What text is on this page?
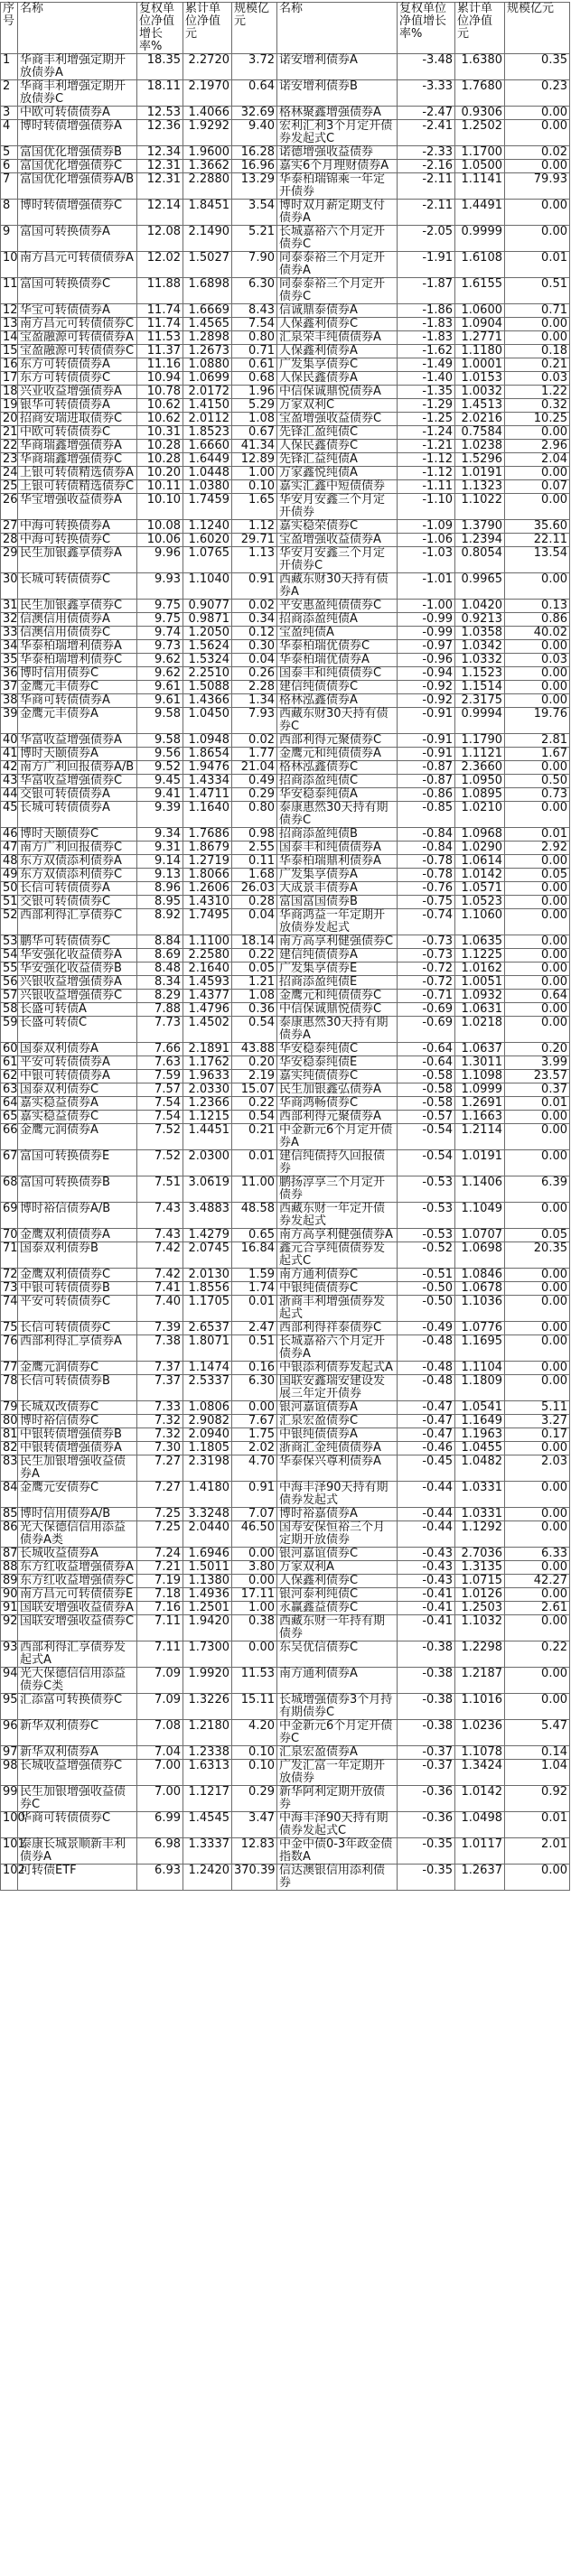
序号	名称	复权单位净值增长率%	累计单位净值元	规模亿元	名称	复权单位净值增长率%	累计单位净值元	规模亿元
1	华商丰利增强定期开放债券A	18.35	2.2720	3.72	诺安增利债券A	-3.48	1.6380	0.35
2	华商丰利增强定期开放债券C	18.11	2.1970	0.64	诺安增利债券B	-3.33	1.7680	0.23
3	中欧可转债债券A	12.53	1.4066	32.69	格林聚鑫增强债券A	-2.47	0.9306	0.00
4	博时转债增强债券A	12.36	1.9292	9.40	宏利汇利3个月定开债券发起式C	-2.41	1.2502	0.00
5	富国优化增强债券B	12.34	1.9600	16.28	诺德增强收益债券	-2.33	1.1700	0.02
6	富国优化增强债券C	12.31	1.3662	16.96	嘉实6个月理财债券A	-2.16	1.0500	0.00
7	富国优化增强债券A/B	12.31	2.2880	13.29	华泰柏瑞锦乘一年定开债券	-2.11	1.1141	79.93
8	博时转债增强债券C	12.14	1.8451	3.54	博时双月薪定期支付债券A	-2.11	1.4491	0.00
9	富国可转换债券A	12.08	2.1490	5.21	长城嘉裕六个月定开债券C	-2.05	0.9999	0.00
10	南方昌元可转债债券A	12.02	1.5027	7.90	同泰泰裕三个月定开债券A	-1.91	1.6108	0.01
11	富国可转换债券C	11.88	1.6898	6.30	同泰泰裕三个月定开债券C	-1.87	1.6155	0.51
12	华宝可转债债券A	11.74	1.6669	8.43	信诚鼎泰债券A	-1.86	1.0600	0.71
13	南方昌元可转债债券C	11.74	1.4565	7.54	人保鑫利债券C	-1.83	1.0904	0.00
14	宝盈融源可转债债券A	11.53	1.2898	0.80	汇泉荣丰纯债债券A	-1.83	1.2771	0.00
15	宝盈融源可转债债券C	11.37	1.2673	0.71	人保鑫利债券A	-1.62	1.1180	0.18
16	东方可转债债券A	11.16	1.0880	0.61	广发集享债券C	-1.49	1.0001	0.21
17	东方可转债债券C	10.94	1.0699	0.68	人保民鑫债券A	-1.40	1.0153	0.03
18	兴业收益增强债券A	10.78	2.0172	1.96	中信保诚鼎悦债券A	-1.35	1.0032	1.22
19	银华可转债债券A	10.62	1.4150	5.29	万家双利C	-1.29	1.4513	0.32
20	招商安瑞进取债券C	10.62	2.0112	1.08	宝盈增强收益债券C	-1.25	2.0216	10.25
21	中欧可转债债券C	10.31	1.8523	0.67	先锋汇盈纯债C	-1.24	0.7584	0.00
22	华商瑞鑫增强债券A	10.28	1.6660	41.34	人保民鑫债券C	-1.21	1.0238	2.96
23	华商瑞鑫增强债券C	10.28	1.6449	12.89	先锋汇益纯债A	-1.12	1.5296	2.04
24	上银可转债精选债券A	10.20	1.0448	1.00	万家鑫悦纯债A	-1.12	1.0191	0.00
25	上银可转债精选债券C	10.11	1.0380	0.10	嘉实汇鑫中短债债券	-1.11	1.1323	0.07
26	华宝增强收益债券A	10.10	1.7459	1.65	华安月安鑫三个月定开债券	-1.10	1.1022	0.00
27	中海可转换债券A	10.08	1.1240	1.12	嘉实稳荣债券C	-1.09	1.3790	35.60
28	中海可转换债券C	10.06	1.6020	29.71	宝盈增强收益债券A	-1.06	1.2394	22.11
29	民生加银鑫享债券A	9.96	1.0765	1.13	华安月安鑫三个月定开债券C	-1.03	0.8054	13.54
30	长城可转债债券C	9.93	1.1040	0.91	西藏东财30天持有债券A	-1.01	0.9965	0.00
31	民生加银鑫享债券C	9.75	0.9077	0.02	平安惠盈纯债债券C	-1.00	1.0420	0.13
32	信澳信用债债券A	9.75	0.9871	0.34	招商添盈纯债A	-0.99	0.9213	0.86
33	信澳信用债债券C	9.74	1.2050	0.12	宝盈纯债A	-0.99	1.0358	40.02
34	华泰柏瑞增利债券A	9.73	1.5624	0.30	华泰柏瑞优债券C	-0.97	1.0342	0.00
35	华泰柏瑞增利债券C	9.62	1.5324	0.04	华泰柏瑞优债券A	-0.96	1.0332	0.03
36	博时信用债券C	9.62	2.2510	0.26	国泰丰和纯债债券C	-0.94	1.1523	0.00
37	金鹰元丰债券C	9.61	1.5088	2.28	建信纯债债券C	-0.92	1.1514	0.00
38	华商可转债债券A	9.61	1.4366	1.34	格林泓鑫债券A	-0.92	2.3175	0.00
39	金鹰元丰债券A	9.58	1.0450	7.93	西藏东财30天持有债券C	-0.91	0.9994	19.76
40	华富收益增强债券A	9.58	1.0948	0.02	西部利得元聚债券C	-0.91	1.1790	2.81
41	博时天颐债券A	9.56	1.8654	1.77	金鹰元和纯债债券A	-0.91	1.1121	1.67
42	南方广利回报债券A/B	9.52	1.9476	21.04	格林泓鑫债券C	-0.87	2.3660	0.00
43	华富收益增强债券C	9.45	1.4334	0.49	招商添盈纯债C	-0.87	1.0950	0.50
44	交银可转债债券A	9.41	1.4711	0.29	华安稳泰纯债A	-0.86	1.0895	0.73
45	长城可转债债券A	9.39	1.1640	0.80	泰康惠然30天持有期债券C	-0.85	1.0210	0.00
46	博时天颐债券C	9.34	1.7686	0.98	招商添盈纯债B	-0.84	1.0968	0.01
47	南方广利回报债券C	9.31	1.8679	2.55	国泰丰和纯债债券A	-0.84	1.0290	2.92
48	东方双债添利债券A	9.14	1.2719	0.11	华泰柏瑞鼎利债券A	-0.78	1.0614	0.00
49	东方双债添利债券C	9.13	1.8066	1.68	广发集享债券A	-0.78	1.0142	0.05
50	长信可转债债券A	8.96	1.2606	26.03	大成景丰债券A	-0.76	1.0571	0.00
51	交银可转债债券C	8.95	1.4310	0.28	富国富国债券B	-0.75	1.0523	0.00
52	西部利得汇享债券C	8.92	1.7495	0.04	华商鸿益一年定期开放债券发起式	-0.74	1.1060	0.00
53	鹏华可转债债券C	8.84	1.1100	18.14	南方高享利健强债券C	-0.73	1.0635	0.00
54	华安强化收益债券A	8.69	2.2580	0.22	建信纯债债券A	-0.73	1.1225	0.00
55	华安强化收益债券B	8.48	2.1640	0.05	广发集享债券E	-0.72	1.0162	0.00
56	兴银收益增强债券A	8.34	1.4593	1.21	招商添盈纯债E	-0.72	1.0051	0.00
57	兴银收益增强债券C	8.29	1.4377	1.08	金鹰元和纯债债券C	-0.71	1.0932	0.64
58	长盛可转债A	7.88	1.4796	0.36	中信保诚鼎悦债券C	-0.69	1.0631	0.00
59	长盛可转债C	7.73	1.4502	0.54	泰康惠然30天持有期债券A	-0.69	1.0218	0.00
60	国泰双利债券A	7.66	2.1891	43.88	华安稳泰纯债C	-0.64	1.0637	0.20
61	平安可转债债券A	7.63	1.1762	0.20	华安稳泰纯债E	-0.64	1.3011	3.99
62	中银可转债债券A	7.59	1.9633	2.19	嘉实纯债债券C	-0.58	1.1098	23.57
63	国泰双利债券C	7.57	2.0330	15.07	民生加银鑫弘债券A	-0.58	1.0999	0.37
64	嘉实稳益债券A	7.54	1.2366	0.22	华商鸿畅债券C	-0.58	1.2691	0.01
65	嘉实稳益债券C	7.54	1.1215	0.54	西部利得元聚债券A	-0.57	1.1663	0.00
66	金鹰元润债券A	7.52	1.4451	0.21	中金新元6个月定开债券A	-0.54	1.2114	0.00
67	富国可转换债券E	7.52	2.0300	0.01	建信纯债持久回报债券	-0.54	1.0191	0.00
68	富国可转换债券B	7.51	3.0619	11.00	鹏扬淳享三个月定开债券	-0.53	1.1406	6.39
69	博时裕信债券A/B	7.43	3.4883	48.58	西藏东财一年定开债券发起式	-0.53	1.1049	0.00
70	金鹰双利债债券A	7.43	1.4279	0.65	南方高享利健强债券A	-0.53	1.0707	0.05
71	国泰双利债券B	7.42	2.0745	16.84	鑫元合享纯债债券发起式C	-0.52	1.0698	20.35
72	金鹰双利债债券C	7.42	2.0130	1.59	南方通利债券C	-0.51	1.0846	0.00
73	中银可转债债券B	7.41	1.8556	1.74	中银纯债债券C	-0.50	1.0678	0.00
74	平安可转债债券C	7.40	1.1705	0.01	浙商丰利增强债券发起式	-0.50	1.1036	0.00
75	长信可转债债券C	7.39	2.6537	2.47	西部利得祥泰债券C	-0.49	1.0776	0.00
76	西部利得汇享债券A	7.38	1.8071	0.51	长城嘉裕六个月定开债券A	-0.48	1.1695	0.00
77	金鹰元润债券C	7.37	1.1474	0.16	中银添利债券发起式A	-0.48	1.1104	0.00
78	长信可转债债券B	7.37	2.5337	6.30	国联安鑫瑞安建设发展三年定开债券	-0.48	1.1809	0.00
79	长城双改债券C	7.33	1.0806	0.00	银河嘉谊债券A	-0.47	1.0541	5.11
80	博时裕信债券C	7.32	2.9082	7.67	汇泉宏盈债券C	-0.47	1.1649	3.27
81	中银转债增强债券B	7.32	2.0940	1.75	中银纯债债券A	-0.47	1.1963	0.17
82	中银转债增强债券A	7.30	1.1805	2.02	浙商汇金纯债债券A	-0.46	1.0455	0.00
83	民生加银增强收益债券A	7.27	2.3198	4.70	华泰保兴尊利债券A	-0.45	1.0482	2.03
84	金鹰元安债券C	7.27	1.4180	0.91	中海丰泽90天持有期债券发起式	-0.44	1.0331	0.00
85	博时信用债券A/B	7.25	3.3248	7.07	博时裕嘉债券A	-0.44	1.0331	0.00
86	光大保德信信用添益债券A类	7.25	2.0440	46.50	国寿安保恒裕三个月定期开放债券	-0.44	1.1292	0.00
87	长城收益债券A	7.24	1.6946	0.00	银河嘉谊债券C	-0.43	2.7036	6.33
88	东方红收益增强债券A	7.21	1.5011	3.80	万家双利A	-0.43	1.3135	0.00
89	东方红收益增强债券C	7.19	1.1380	0.00	人保鑫利债券C	-0.43	1.0715	42.27
90	南方昌元可转债债券E	7.18	1.4936	17.11	银河泰利纯债C	-0.41	1.0126	0.00
91	国联安增强收益债券A	7.16	1.2501	1.00	永赢鑫益债券C	-0.41	1.2503	2.61
92	国联安增强收益债券C	7.11	1.9420	0.38	西藏东财一年持有期债券	-0.41	1.1032	0.00
93	西部利得汇享债券发起式A	7.11	1.7300	0.00	东吴优信债券C	-0.38	1.2298	0.22
94	光大保德信信用添益债券C类	7.09	1.9920	11.53	南方通利债券A	-0.38	1.2187	0.00
95	汇添富可转换债券C	7.09	1.3226	15.11	长城增强债券3个月持有期债券C	-0.38	1.1016	0.00
96	新华双利债券C	7.08	1.2180	4.20	中金新元6个月定开债券C	-0.38	1.0236	5.47
97	新华双利债券A	7.04	1.2338	0.10	汇泉宏盈债券A	-0.37	1.1078	0.14
98	长城收益增强债券C	7.00	1.6313	0.10	广发汇富一年定期开放债券	-0.37	1.3424	1.04
99	民生加银增强收益债券C	7.00	1.1217	0.29	新华阿利定期开放债券	-0.36	1.0142	0.92
100	华商可转债债券C	6.99	1.4545	3.47	中海丰泽90天持有期债券发起式C	-0.36	1.0498	0.01
101	泰康长城景顺新丰利债券A	6.98	1.3337	12.83	中金中债0-3年政金债指数A	-0.35	1.0117	2.01
102	可转债ETF	6.93	1.2420	370.39	信达澳银信用添利债券	-0.35	1.2637	0.00
